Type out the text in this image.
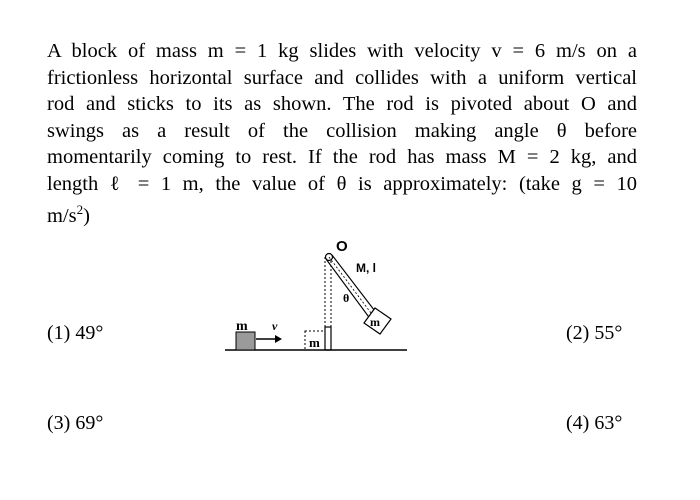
A block of mass m = 1 kg slides with velocity v = 6 m/s on a

frictionless horizontal surface and collides with a uniform vertical

rod and sticks to its as shown. The rod is pivoted about O and

swings as a result of the collision making angle θ before

momentarily coming to rest. If the rod has mass M = 2 kg, and

length ℓ = 1 m, the value of θ is approximately: (take g = 10

$m/s^2$)

m v
m
O
M, l
θ
m
(1) 49°	(2) 55°
(3) 69°	(4) 63°
